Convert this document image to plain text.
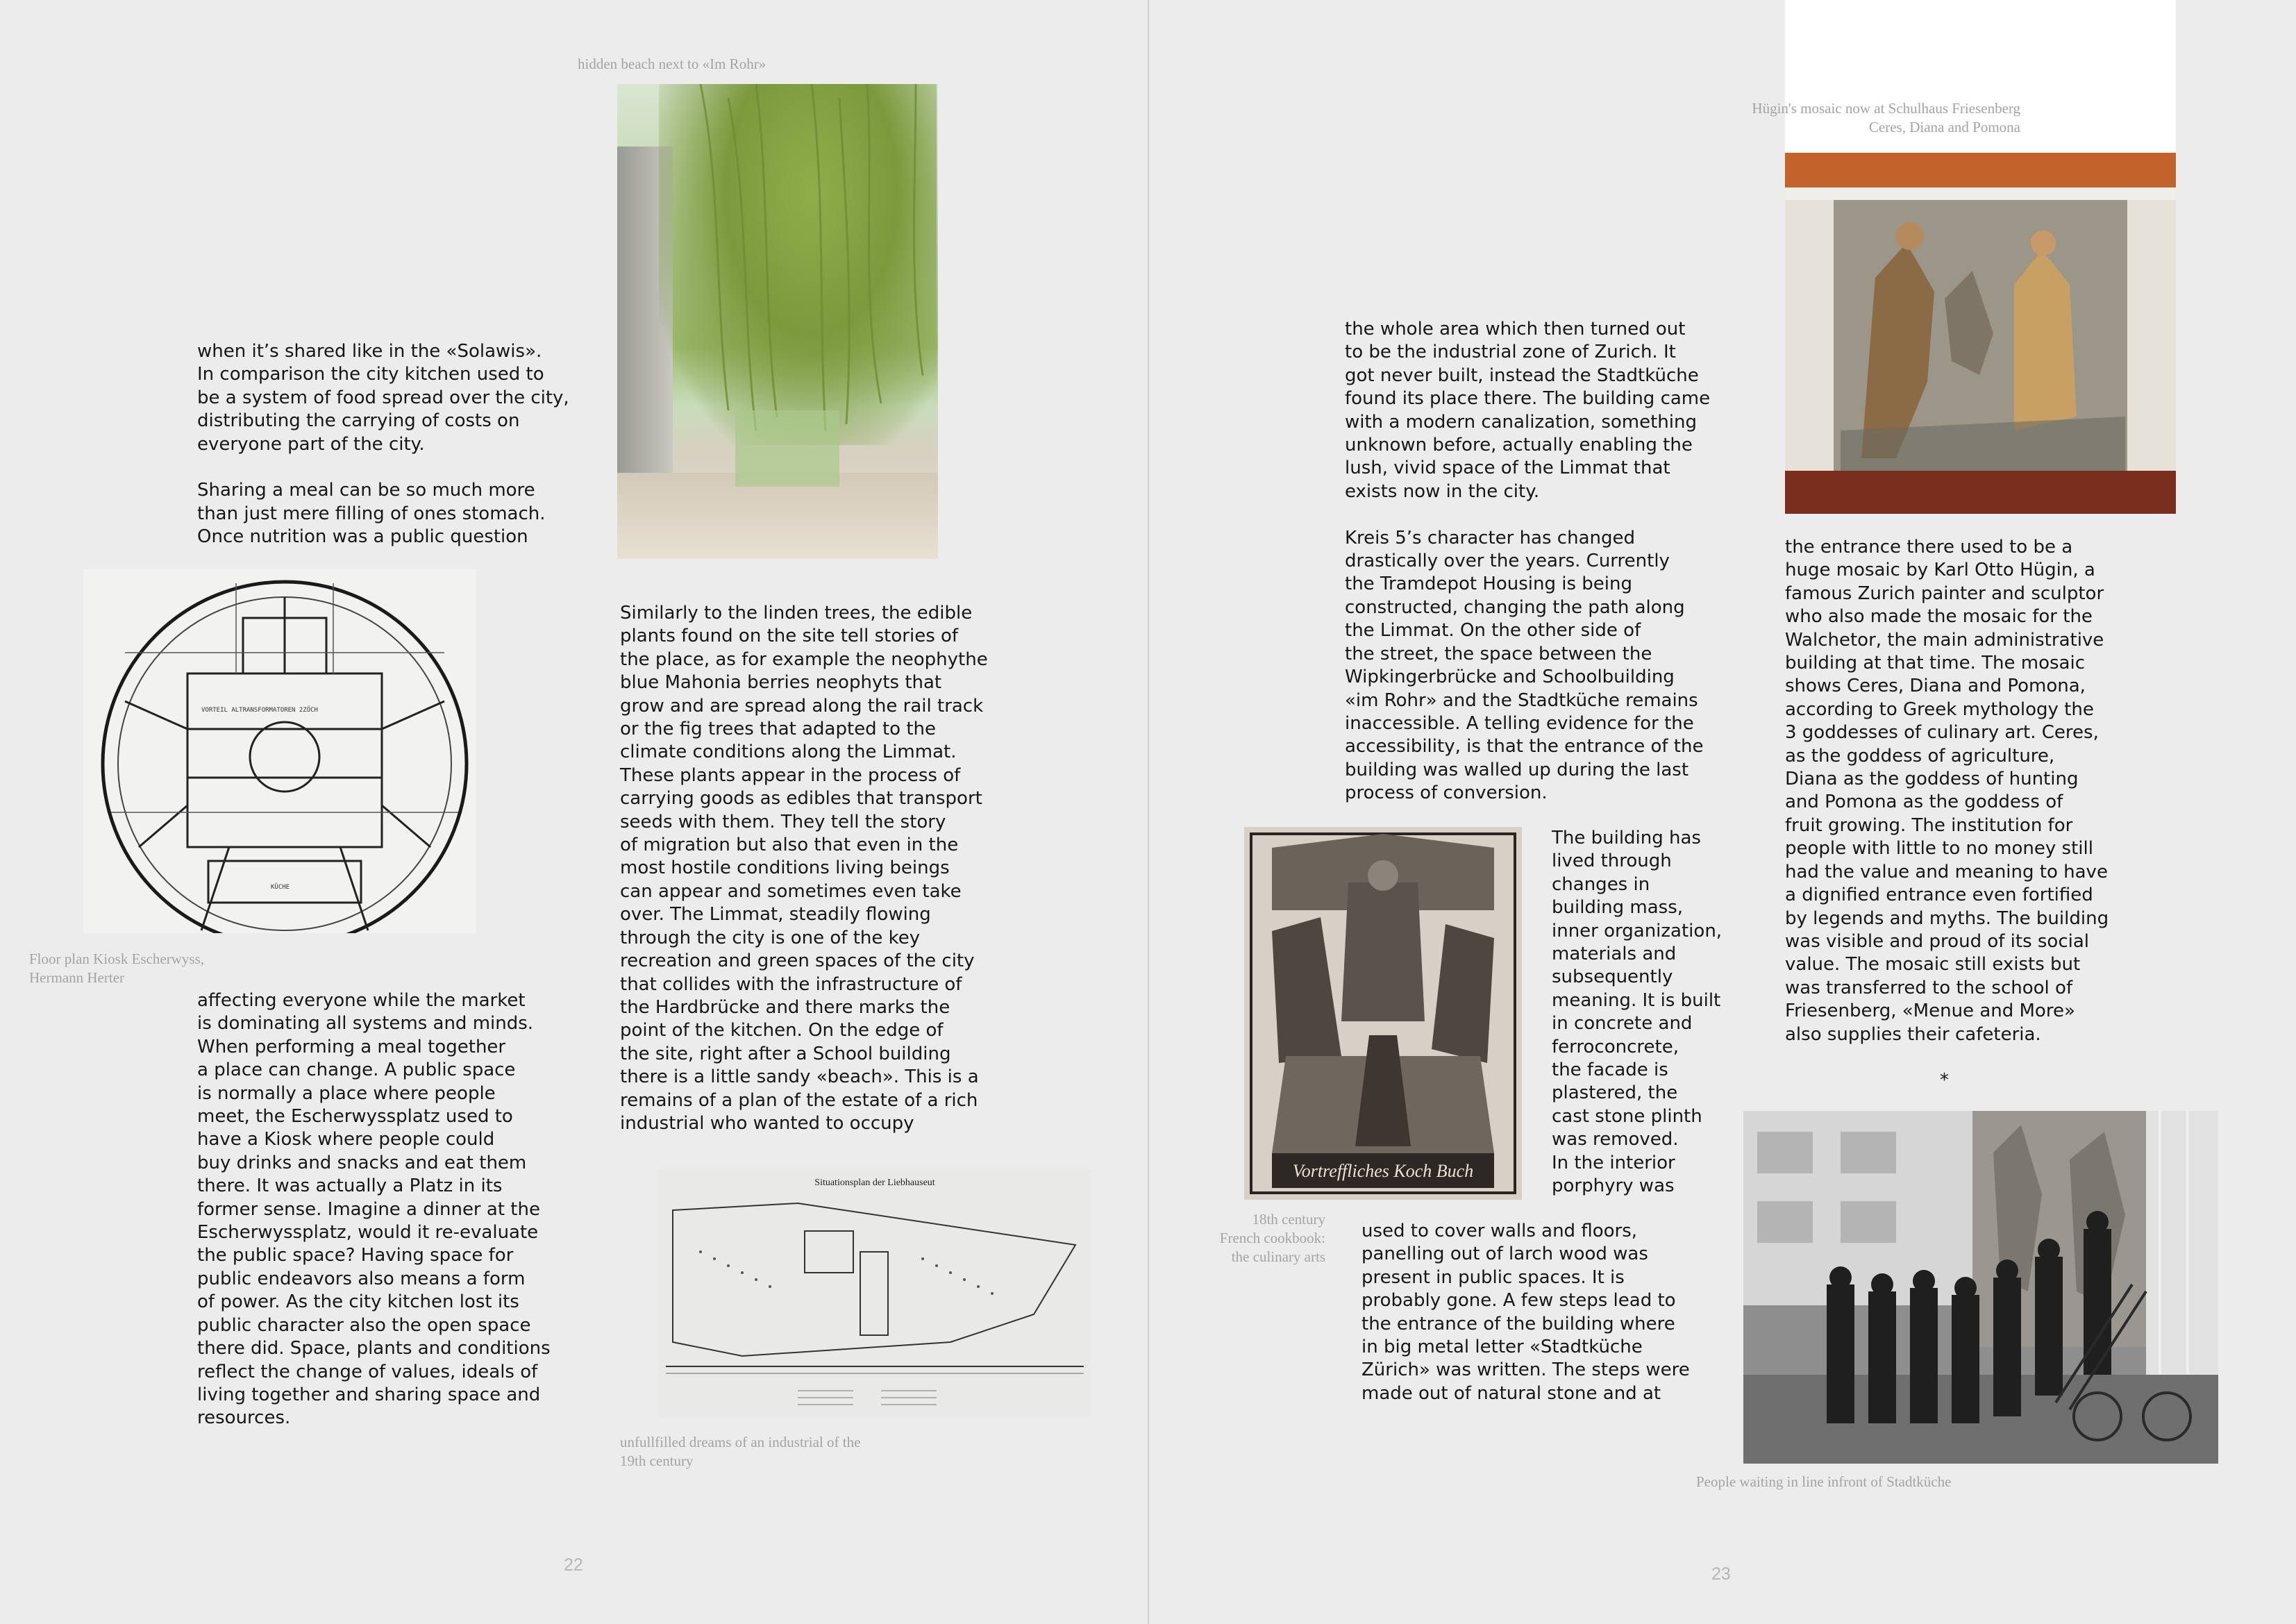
hidden beach next to «Im Rohr»

when it’s shared like in the «Solawis».
In comparison the city kitchen used to
be a system of food spread over the city,
distributing the carrying of costs on
everyone part of the city.

Sharing a meal can be so much more
than just mere filling of ones stomach.
Once nutrition was a public question

VORTEIL ALTRANSFORMATOREN 2ZÖCH
KÜCHE

Floor plan Kiosk Escherwyss,
Hermann Herter

affecting everyone while the market
is dominating all systems and minds.
When performing a meal together
a place can change. A public space
is normally a place where people
meet, the Escherwyssplatz used to
have a Kiosk where people could
buy drinks and snacks and eat them
there. It was actually a Platz in its
former sense. Imagine a dinner at the
Escherwyssplatz, would it re-evaluate
the public space? Having space for
public endeavors also means a form
of power. As the city kitchen lost its
public character also the open space
there did. Space, plants and conditions
reflect the change of values, ideals of
living together and sharing space and
resources.

Similarly to the linden trees, the edible
plants found on the site tell stories of
the place, as for example the neophythe
blue Mahonia berries neophyts that
grow and are spread along the rail track
or the fig trees that adapted to the
climate conditions along the Limmat.
These plants appear in the process of
carrying goods as edibles that transport
seeds with them. They tell the story
of migration but also that even in the
most hostile conditions living beings
can appear and sometimes even take
over. The Limmat, steadily flowing
through the city is one of the key
recreation and green spaces of the city
that collides with the infrastructure of
the Hardbrücke and there marks the
point of the kitchen. On the edge of
the site, right after a School building
there is a little sandy «beach». This is a
remains of a plan of the estate of a rich
industrial who wanted to occupy

Situationsplan der Liebhauseut

unfullfilled dreams of an industrial of the
19th century

22

Hügin's mosaic now at Schulhaus Friesenberg
Ceres, Diana and Pomona

the whole area which then turned out
to be the industrial zone of Zurich. It
got never built, instead the Stadtküche
found its place there. The building came
with a modern canalization, something
unknown before, actually enabling the
lush, vivid space of the Limmat that
exists now in the city.

Kreis 5’s character has changed
drastically over the years. Currently
the Tramdepot Housing is being
constructed, changing the path along
the Limmat. On the other side of
the street, the space between the
Wipkingerbrücke and Schoolbuilding
«im Rohr» and the Stadtküche remains
inaccessible. A telling evidence for the
accessibility, is that the entrance of the
building was walled up during the last
process of conversion.

Vortreffliches Koch Buch

18th century
French cookbook:
the culinary arts

The building has
lived through
changes in
building mass,
inner organization,
materials and
subsequently
meaning. It is built
in concrete and
ferroconcrete,
the facade is
plastered, the
cast stone plinth
was removed.
In the interior
porphyry was

used to cover walls and floors,
panelling out of larch wood was
present in public spaces. It is
probably gone. A few steps lead to
the entrance of the building where
in big metal letter «Stadtküche
Zürich» was written. The steps were
made out of natural stone and at

the entrance there used to be a
huge mosaic by Karl Otto Hügin, a
famous Zurich painter and sculptor
who also made the mosaic for the
Walchetor, the main administrative
building at that time. The mosaic
shows Ceres, Diana and Pomona,
according to Greek mythology the
3 goddesses of culinary art. Ceres,
as the goddess of agriculture,
Diana as the goddess of hunting
and Pomona as the goddess of
fruit growing. The institution for
people with little to no money still
had the value and meaning to have
a dignified entrance even fortified
by legends and myths. The building
was visible and proud of its social
value. The mosaic still exists but
was transferred to the school of
Friesenberg, «Menue and More»
also supplies their cafeteria.

*

People waiting in line infront of Stadtküche

23
